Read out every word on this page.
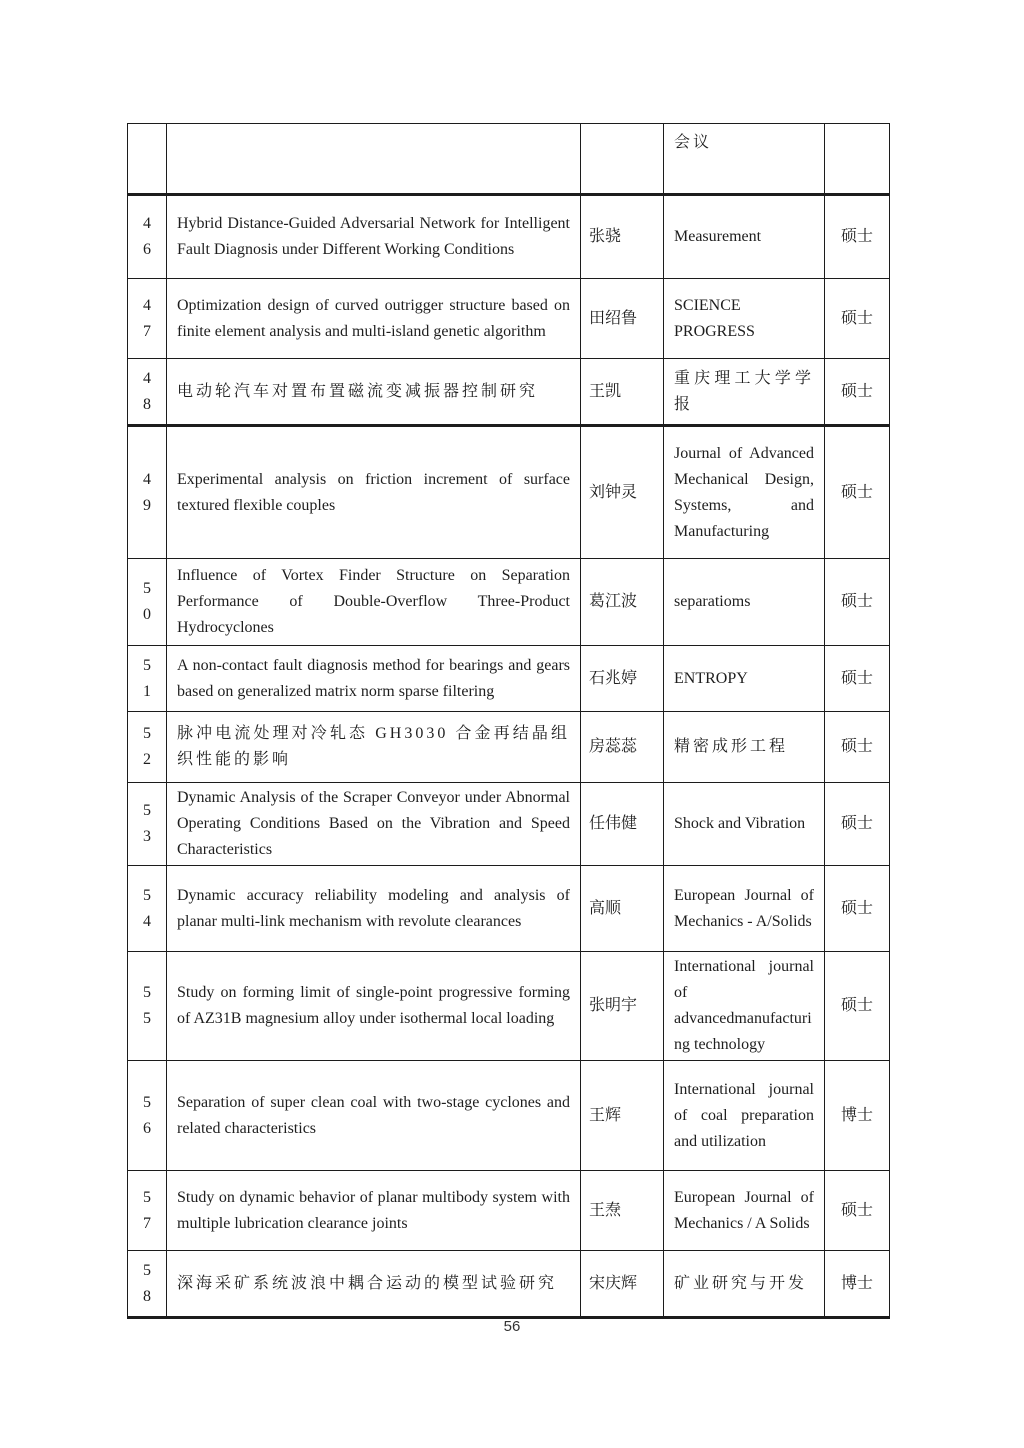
			会议	

46	Hybrid Distance-Guided Adversarial Network for Intelligent Fault Diagnosis under Different Working Conditions	张骁	Measurement	硕士

47	Optimization design of curved outrigger structure based on finite element analysis and multi-island genetic algorithm	田绍鲁	SCIENCE PROGRESS	硕士

48	电动轮汽车对置布置磁流变减振器控制研究	王凯	重庆理工大学学报	硕士

49	Experimental analysis on friction increment of surface textured flexible couples	刘钟灵	Journal of Advanced Mechanical Design, Systems, and Manufacturing	硕士

50	Influence of Vortex Finder Structure on Separation Performance of Double-Overflow Three-Product Hydrocyclones	葛江波	separatioms	硕士

51	A non-contact fault diagnosis method for bearings and gears based on generalized matrix norm sparse filtering	石兆婷	ENTROPY	硕士

52	脉冲电流处理对冷轧态 GH3030 合金再结晶组织性能的影响	房蕊蕊	精密成形工程	硕士

53	Dynamic Analysis of the Scraper Conveyor under Abnormal Operating Conditions Based on the Vibration and Speed Characteristics	任伟健	Shock and Vibration	硕士

54	Dynamic accuracy reliability modeling and analysis of planar multi-link mechanism with revolute clearances	高顺	European Journal of Mechanics - A/Solids	硕士

55	Study on forming limit of single-point progressive forming of AZ31B magnesium alloy under isothermal local loading	张明宇	International journal of advancedmanufacturing technology	硕士

56	Separation of super clean coal with two-stage cyclones and related characteristics	王辉	International journal of coal preparation and utilization	博士

57	Study on dynamic behavior of planar multibody system with multiple lubrication clearance joints	王焘	European Journal of Mechanics / A Solids	硕士

58	深海采矿系统波浪中耦合运动的模型试验研究	宋庆辉	矿业研究与开发	博士
56
